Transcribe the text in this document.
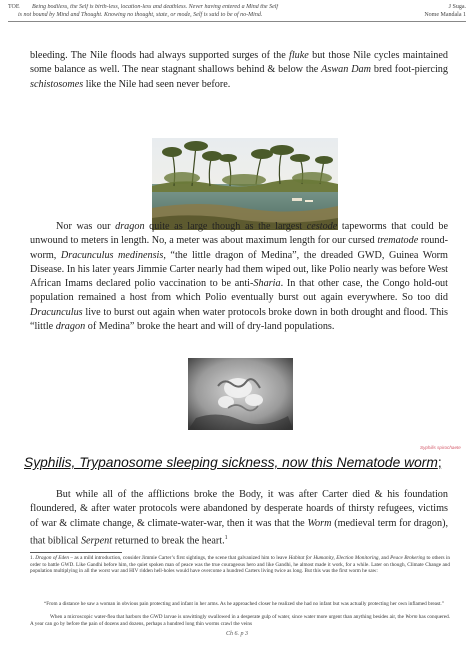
TOE Being bodiless, the Self is birth-less, location-less and deathless. Never having entered a Mind the Self	J Suga.
is not bound by Mind and Thought. Knowing no thought, state, or mode, Self is said to be of no-Mind.	Nome Mandala 1
bleeding. The Nile floods had always supported surges of the fluke but those Nile cycles maintained some balance as well. The near stagnant shallows behind & below the Aswan Dam bred foot-piercing schistosomes like the Nile had seen never before.
Nor was our dragon quite as large though as the largest cestode tapeworms that could be unwound to meters in length. No, a meter was about maximum length for our cursed trematode round-worm, Dracunculus medinensis, “the little dragon of Medina”, the dreaded GWD, Guinea Worm Disease. In his later years Jimmie Carter nearly had them wiped out, like Polio nearly was before West African Imams declared polio vaccination to be anti-Sharia. In that other case, the Congo hold-out population remained a host from which Polio eventually burst out again everywhere. So too did Dracunculus live to burst out again when water protocols broke down in both drought and flood. This “little dragon of Medina” broke the heart and will of dry-land populations.
Syphilis spirochaete
Syphilis, Trypanosome sleeping sickness, now this Nematode worm;
But while all of the afflictions broke the Body, it was after Carter died & his foundation floundered, & after water protocols were abandoned by desperate hoards of thirsty refugees, victims of war & climate change, & climate-water-war, then it was that the Worm (medieval term for dragon), that biblical Serpent returned to break the heart.$^1$
1. Dragon of Eden – as a mild introduction, consider Jimmie Carter’s first sightings, the scene that galvanized him to leave Habitat for Humanity, Election Monitoring, and Peace Brokering to others in order to battle GWD. Like Gandhi before him, the quiet spoken man of peace was the true courageous hero and like Gandhi, he almost made it work, for a while. Later on though, Climate Change and population multiplying in all the worst war and HIV ridden hell-holes would have overcome a hundred Carters living twice as long. But this was the first worm he saw:
“From a distance he saw a woman in obvious pain protecting and infant in her arms. As he approached closer he realized she had no infant but was actually protecting her own inflamed breast.”
When a microscopic water-flea that harbors the GWD larvae is unwittingly swallowed in a desperate gulp of water, since water more urgent than anything besides air, the Worm has conquered. A year can go by before the pain of dozens and dozens, perhaps a hundred long thin worms crawl the veins
Ch 6. p 3
